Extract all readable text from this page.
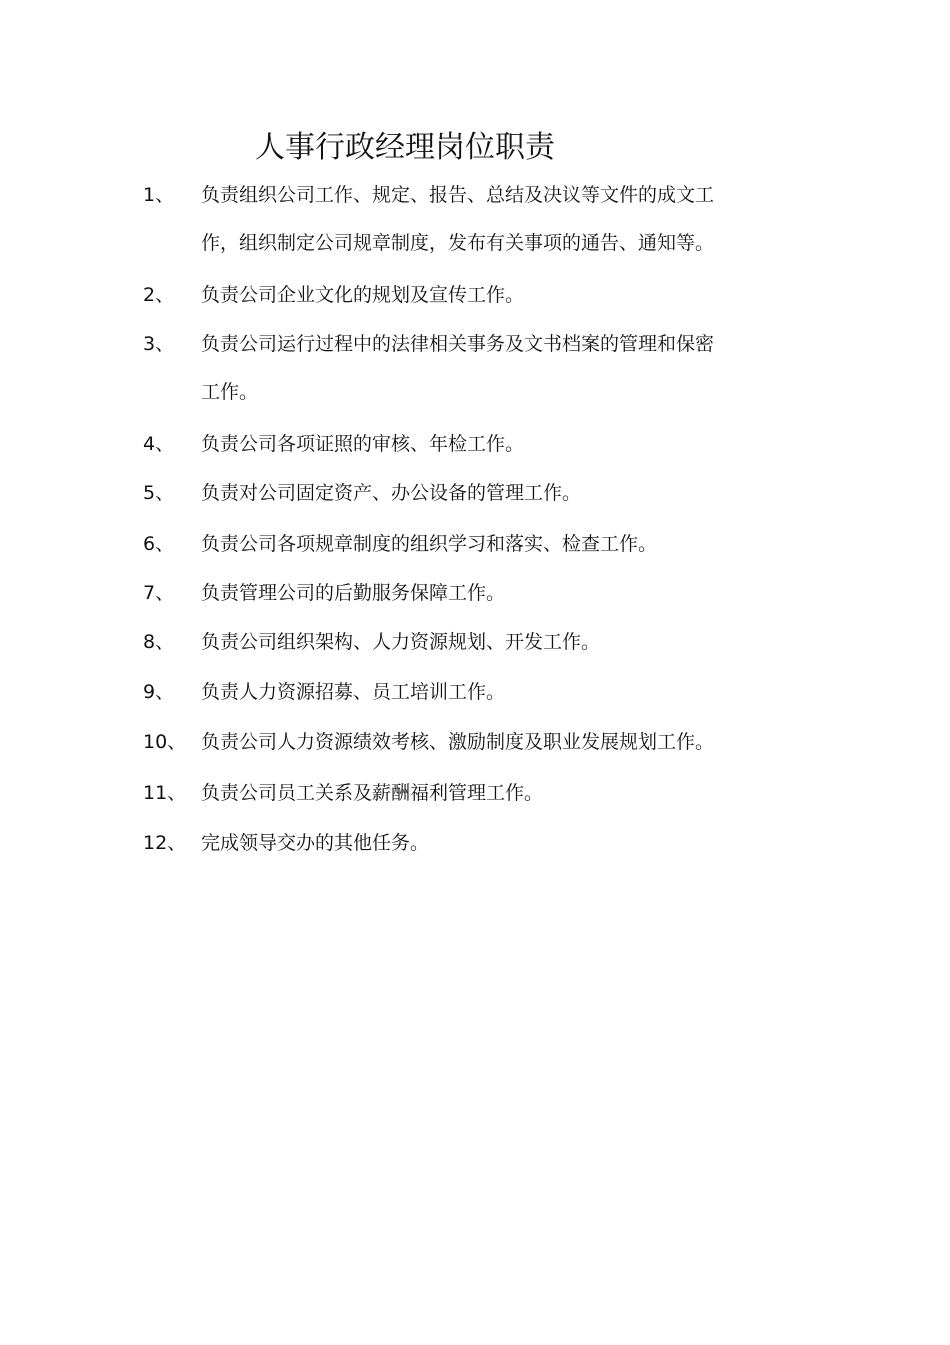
人事行政经理岗位职责
1、 负责组织公司工作、规定、报告、总结及决议等文件的成文工
作，组织制定公司规章制度，发布有关事项的通告、通知等。
2、 负责公司企业文化的规划及宣传工作。
3、 负责公司运行过程中的法律相关事务及文书档案的管理和保密
工作。
4、 负责公司各项证照的审核、年检工作。
5、 负责对公司固定资产、办公设备的管理工作。
6、 负责公司各项规章制度的组织学习和落实、检查工作。
7、 负责管理公司的后勤服务保障工作。
8、 负责公司组织架构、人力资源规划、开发工作。
9、 负责人力资源招募、员工培训工作。
10、 负责公司人力资源绩效考核、激励制度及职业发展规划工作。
11、 负责公司员工关系及薪酬福利管理工作。
12、 完成领导交办的其他任务。
